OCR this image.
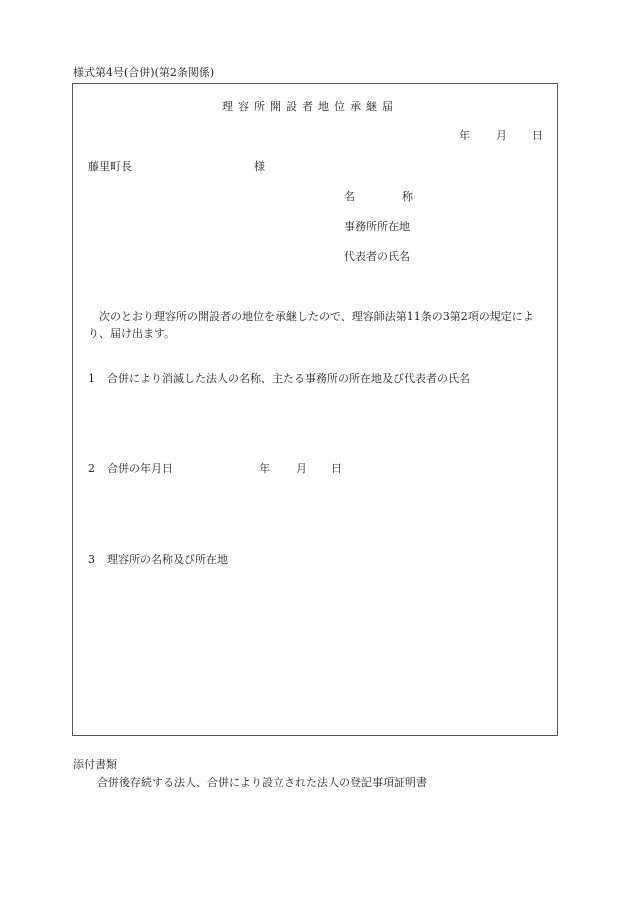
様式第4号(合併)(第2条関係)
理容所開設者地位承継届
年 月 日
藤里町長	様
名	称
事務所所在地
代表者の氏名
次のとおり理容所の開設者の地位を承継したので、理容師法第11条の3第2項の規定によ
り、届け出ます。
1 合併により消滅した法人の名称、主たる事務所の所在地及び代表者の氏名
2 合併の年月日	年 月 日
3 理容所の名称及び所在地
添付書類
合併後存続する法人、合併により設立された法人の登記事項証明書
